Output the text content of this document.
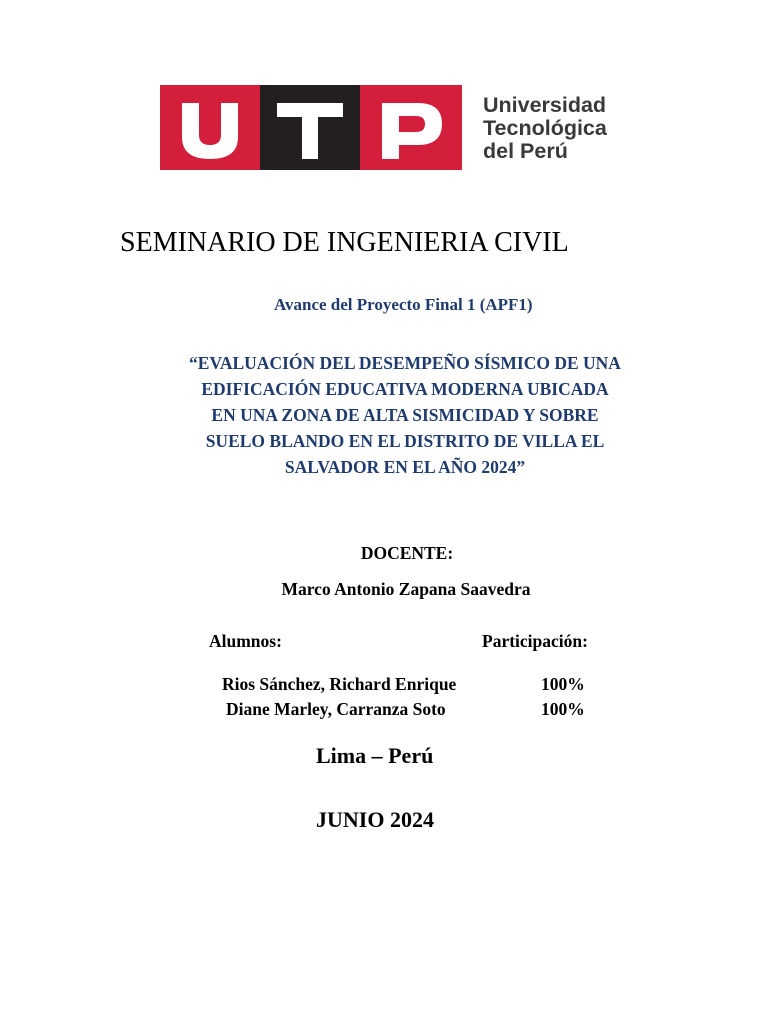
Universidad
Tecnológica
del Perú
SEMINARIO DE INGENIERIA CIVIL
Avance del Proyecto Final 1 (APF1)
“EVALUACIÓN DEL DESEMPEÑO SÍSMICO DE UNA
EDIFICACIÓN EDUCATIVA MODERNA UBICADA
EN UNA ZONA DE ALTA SISMICIDAD Y SOBRE
SUELO BLANDO EN EL DISTRITO DE VILLA EL
SALVADOR EN EL AÑO 2024”
DOCENTE:
Marco Antonio Zapana Saavedra
Alumnos:	Participación:
Rios Sánchez, Richard Enrique	100%
Diane Marley, Carranza Soto	100%
Lima – Perú
JUNIO 2024
